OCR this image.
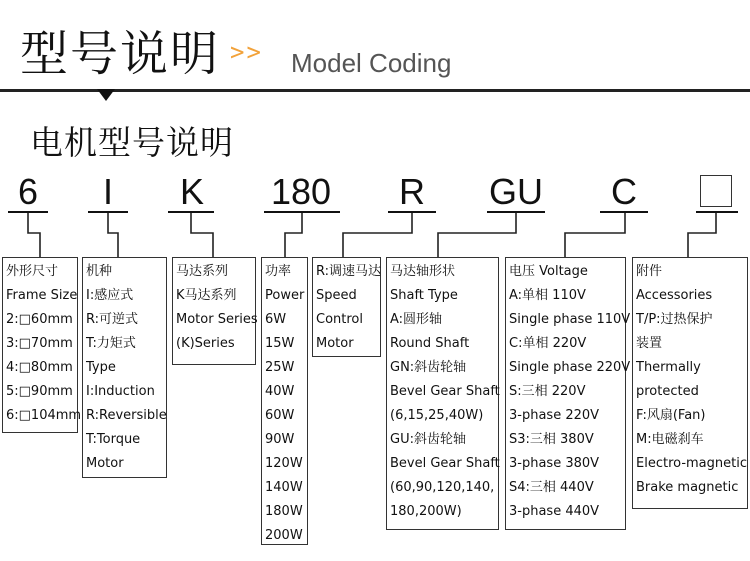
型号说明 >> Model Coding
电机型号说明
6	I	K 180 R GU C
外形尺寸
Frame Size
2:□60mm
3:□70mm
4:□80mm
5:□90mm
6:□104mm
机种
I:感应式
R:可逆式
T:力矩式
Type
I:Induction
R:Reversible
T:Torque
Motor
马达系列
K马达系列
Motor Series
(K)Series
功率
Power
6W
15W
25W
40W
60W
90W
120W
140W
180W
200W
R:调速马达
Speed
Control
Motor
马达轴形状
Shaft Type
A:圆形轴
Round Shaft
GN:斜齿轮轴
Bevel Gear Shaft
(6,15,25,40W)
GU:斜齿轮轴
Bevel Gear Shaft
(60,90,120,140,
180,200W)
电压 Voltage
A:单相 110V
Single phase 110V
C:单相 220V
Single phase 220V
S:三相 220V
3-phase 220V
S3:三相 380V
3-phase 380V
S4:三相 440V
3-phase 440V
附件
Accessories
T/P:过热保护
装置
Thermally
protected
F:风扇(Fan)
M:电磁刹车
Electro-magnetic
Brake magnetic
